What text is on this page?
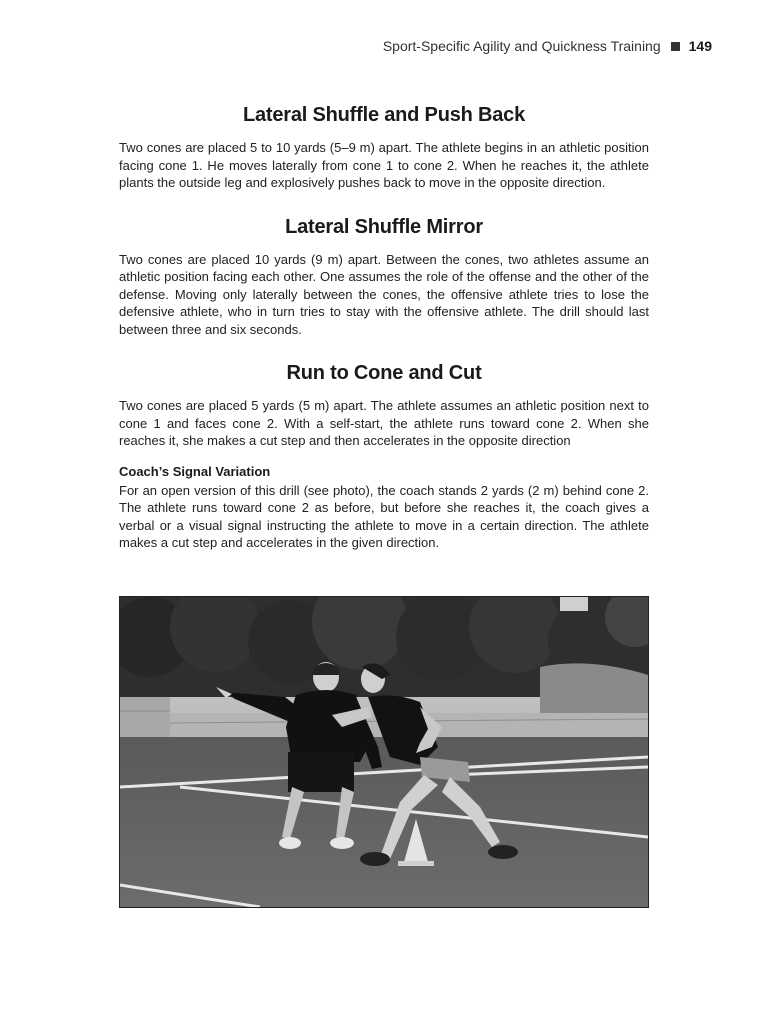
Sport-Specific Agility and Quickness Training 149
Lateral Shuffle and Push Back

Two cones are placed 5 to 10 yards (5–9 m) apart. The athlete begins in an athletic position facing cone 1. He moves laterally from cone 1 to cone 2. When he reaches it, the athlete plants the outside leg and explosively pushes back to move in the opposite direction.

Lateral Shuffle Mirror

Two cones are placed 10 yards (9 m) apart. Between the cones, two athletes assume an athletic position facing each other. One assumes the role of the offense and the other of the defense. Moving only laterally between the cones, the offensive athlete tries to lose the defensive athlete, who in turn tries to stay with the offensive athlete. The drill should last between three and six seconds.

Run to Cone and Cut

Two cones are placed 5 yards (5 m) apart. The athlete assumes an athletic position next to cone 1 and faces cone 2. With a self-start, the athlete runs toward cone 2. When she reaches it, she makes a cut step and then accelerates in the opposite direction

Coach’s Signal Variation

For an open version of this drill (see photo), the coach stands 2 yards (2 m) behind cone 2. The athlete runs toward cone 2 as before, but before she reaches it, the coach gives a verbal or a visual signal instructing the athlete to move in a certain direction. The athlete makes a cut step and accelerates in the given direction.
